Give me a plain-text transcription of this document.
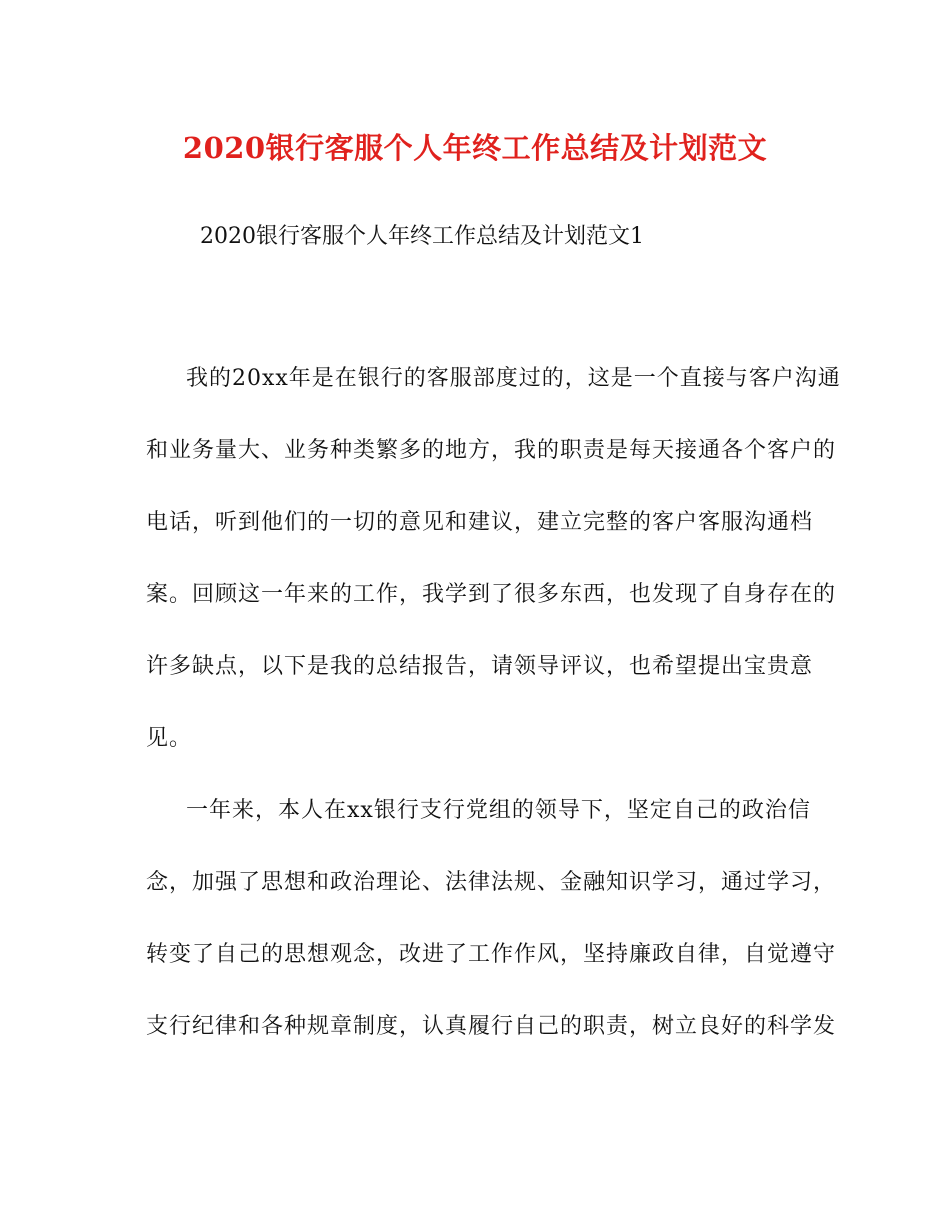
2020银行客服个人年终工作总结及计划范文
2020银行客服个人年终工作总结及计划范文1
我的20xx年是在银行的客服部度过的，这是一个直接与客户沟通
和业务量大、业务种类繁多的地方，我的职责是每天接通各个客户的
电话，听到他们的一切的意见和建议，建立完整的客户客服沟通档
案。回顾这一年来的工作，我学到了很多东西，也发现了自身存在的
许多缺点，以下是我的总结报告，请领导评议，也希望提出宝贵意
见。
一年来，本人在xx银行支行党组的领导下，坚定自己的政治信
念，加强了思想和政治理论、法律法规、金融知识学习，通过学习，
转变了自己的思想观念，改进了工作作风，坚持廉政自律，自觉遵守
支行纪律和各种规章制度，认真履行自己的职责，树立良好的科学发
